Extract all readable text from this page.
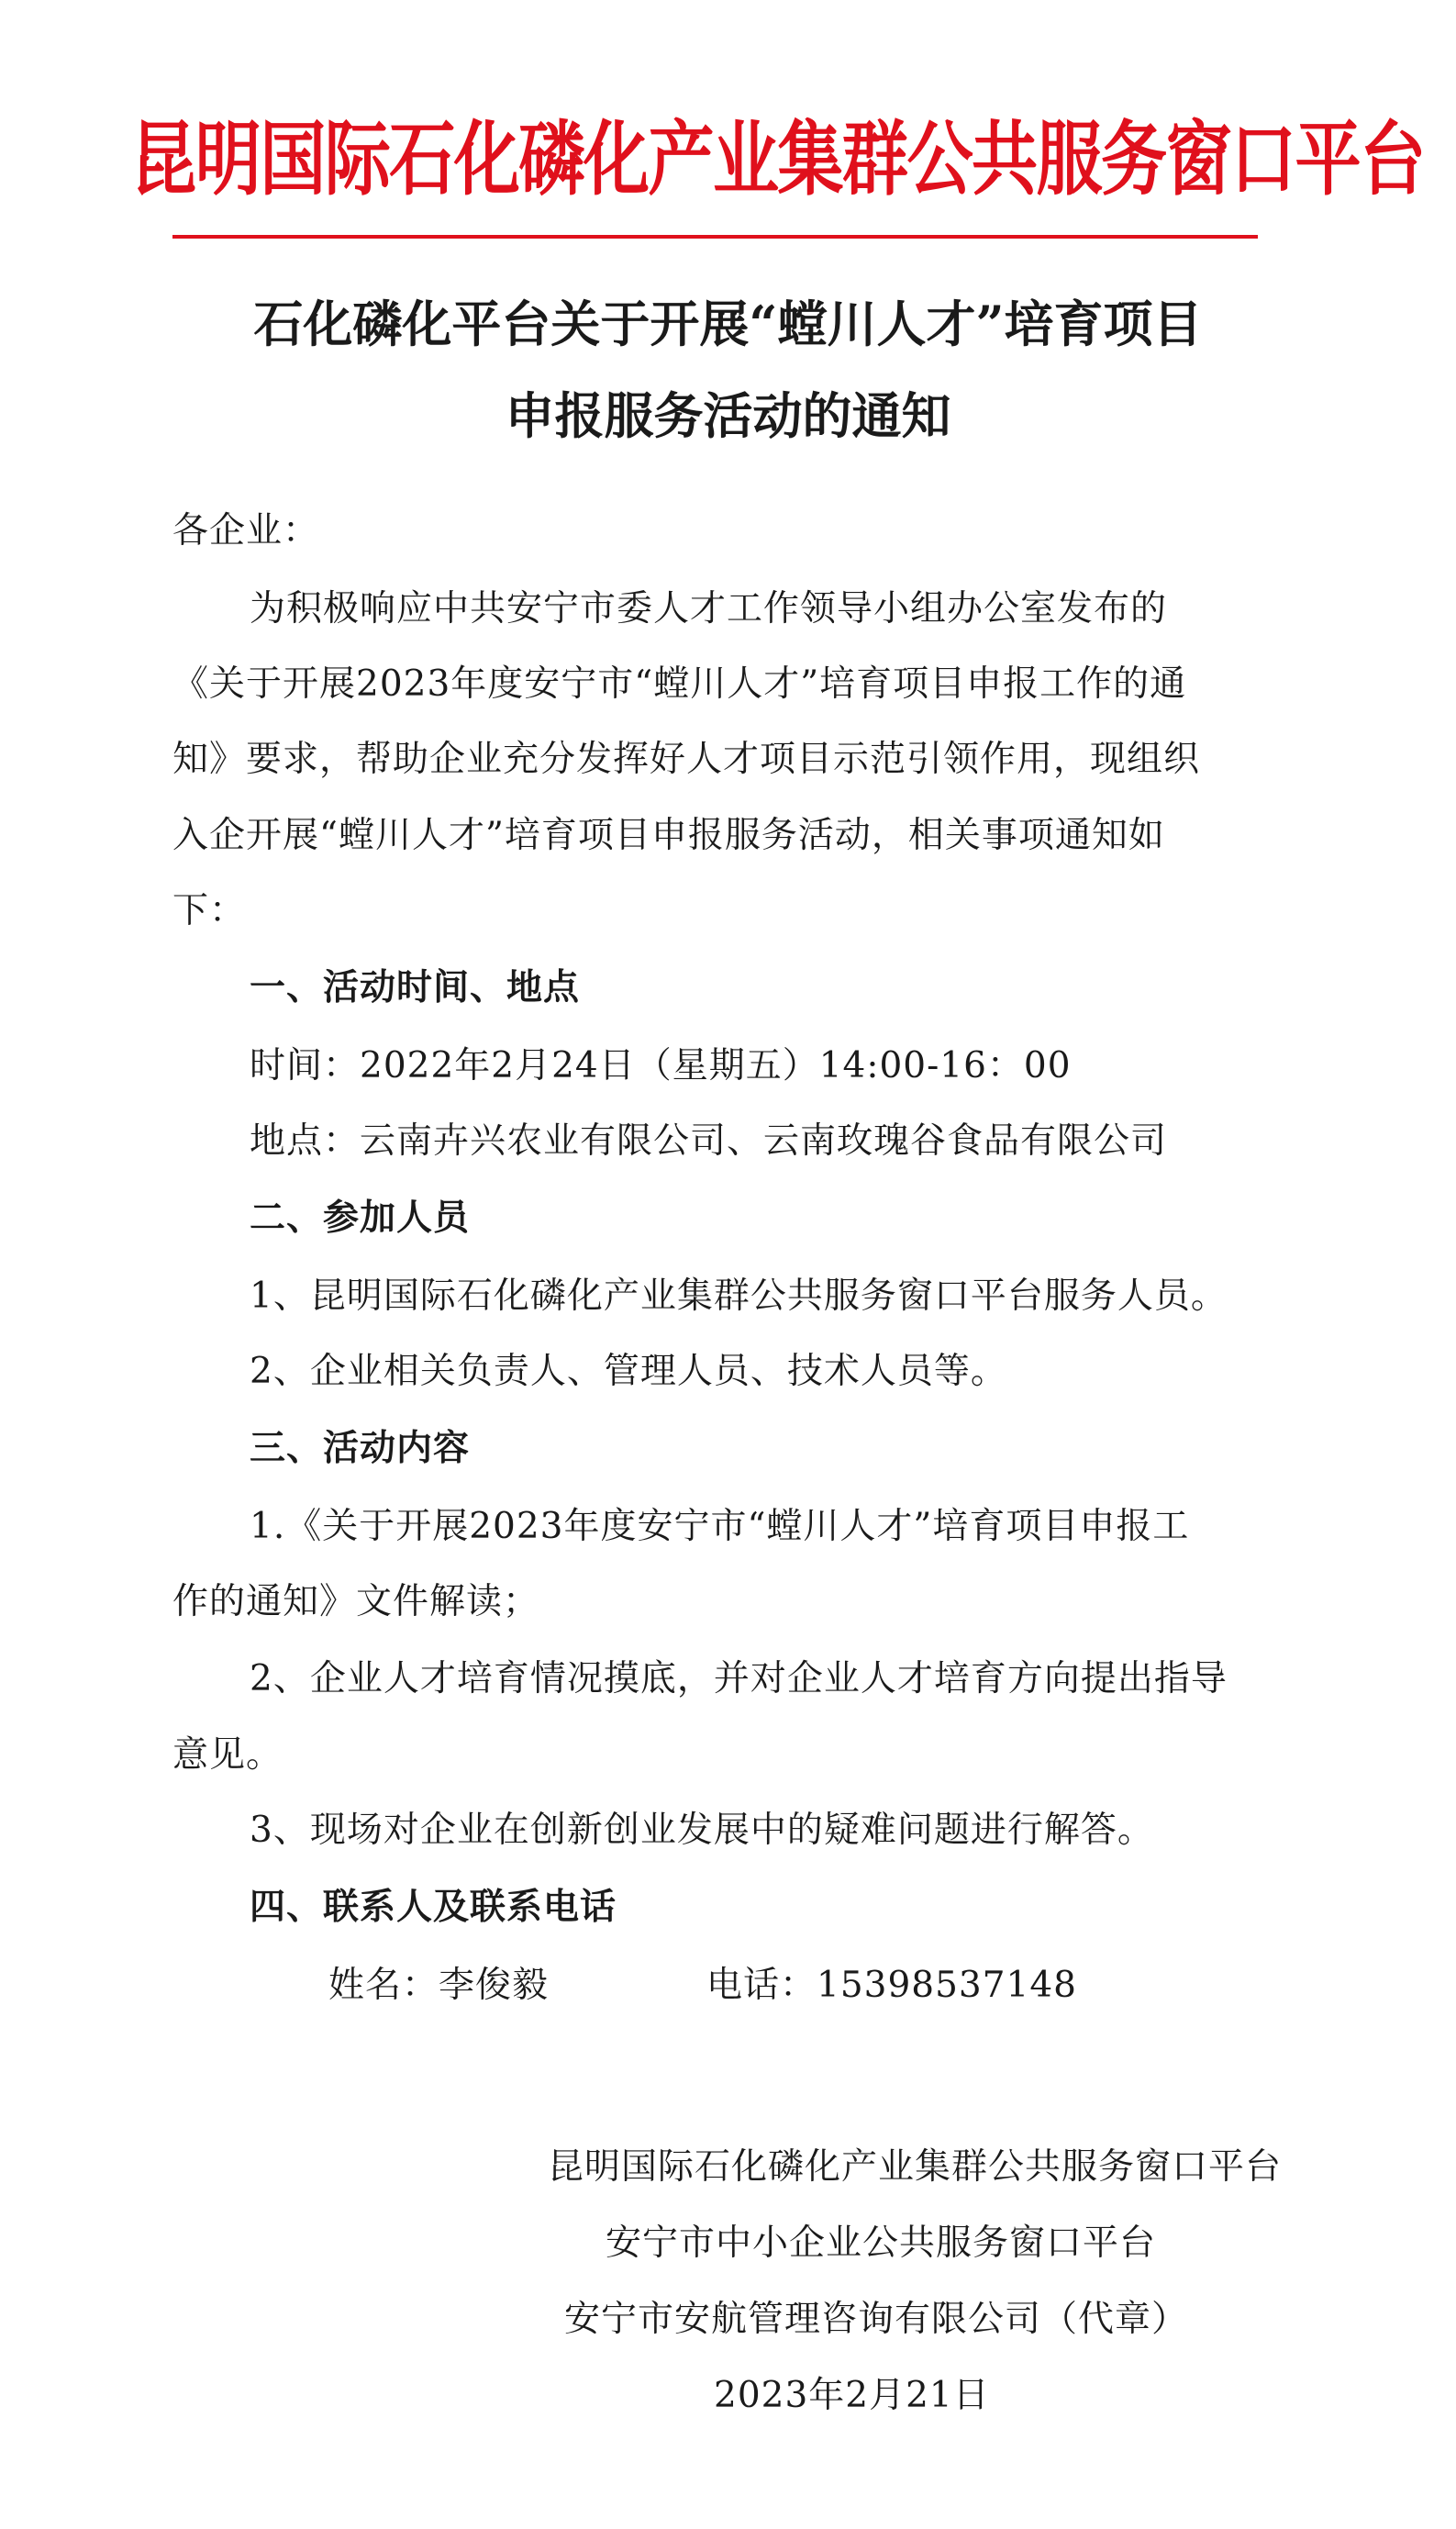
昆明国际石化磷化产业集群公共服务窗口平台
石化磷化平台关于开展“螳川人才”培育项目
申报服务活动的通知
各企业：
为积极响应中共安宁市委人才工作领导小组办公室发布的
《关于开展2023年度安宁市“螳川人才”培育项目申报工作的通
知》要求，帮助企业充分发挥好人才项目示范引领作用，现组织
入企开展“螳川人才”培育项目申报服务活动，相关事项通知如
下：
一、活动时间、地点
时间：2022年2月24日（星期五）14:00-16：00
地点：云南卉兴农业有限公司、云南玫瑰谷食品有限公司
二、参加人员
1、昆明国际石化磷化产业集群公共服务窗口平台服务人员。
2、企业相关负责人、管理人员、技术人员等。
三、活动内容
1.《关于开展2023年度安宁市“螳川人才”培育项目申报工
作的通知》文件解读；
2、企业人才培育情况摸底，并对企业人才培育方向提出指导
意见。
3、现场对企业在创新创业发展中的疑难问题进行解答。
四、联系人及联系电话
姓名：李俊毅	电话：15398537148
昆明国际石化磷化产业集群公共服务窗口平台
安宁市中小企业公共服务窗口平台
安宁市安航管理咨询有限公司（代章）
2023年2月21日
